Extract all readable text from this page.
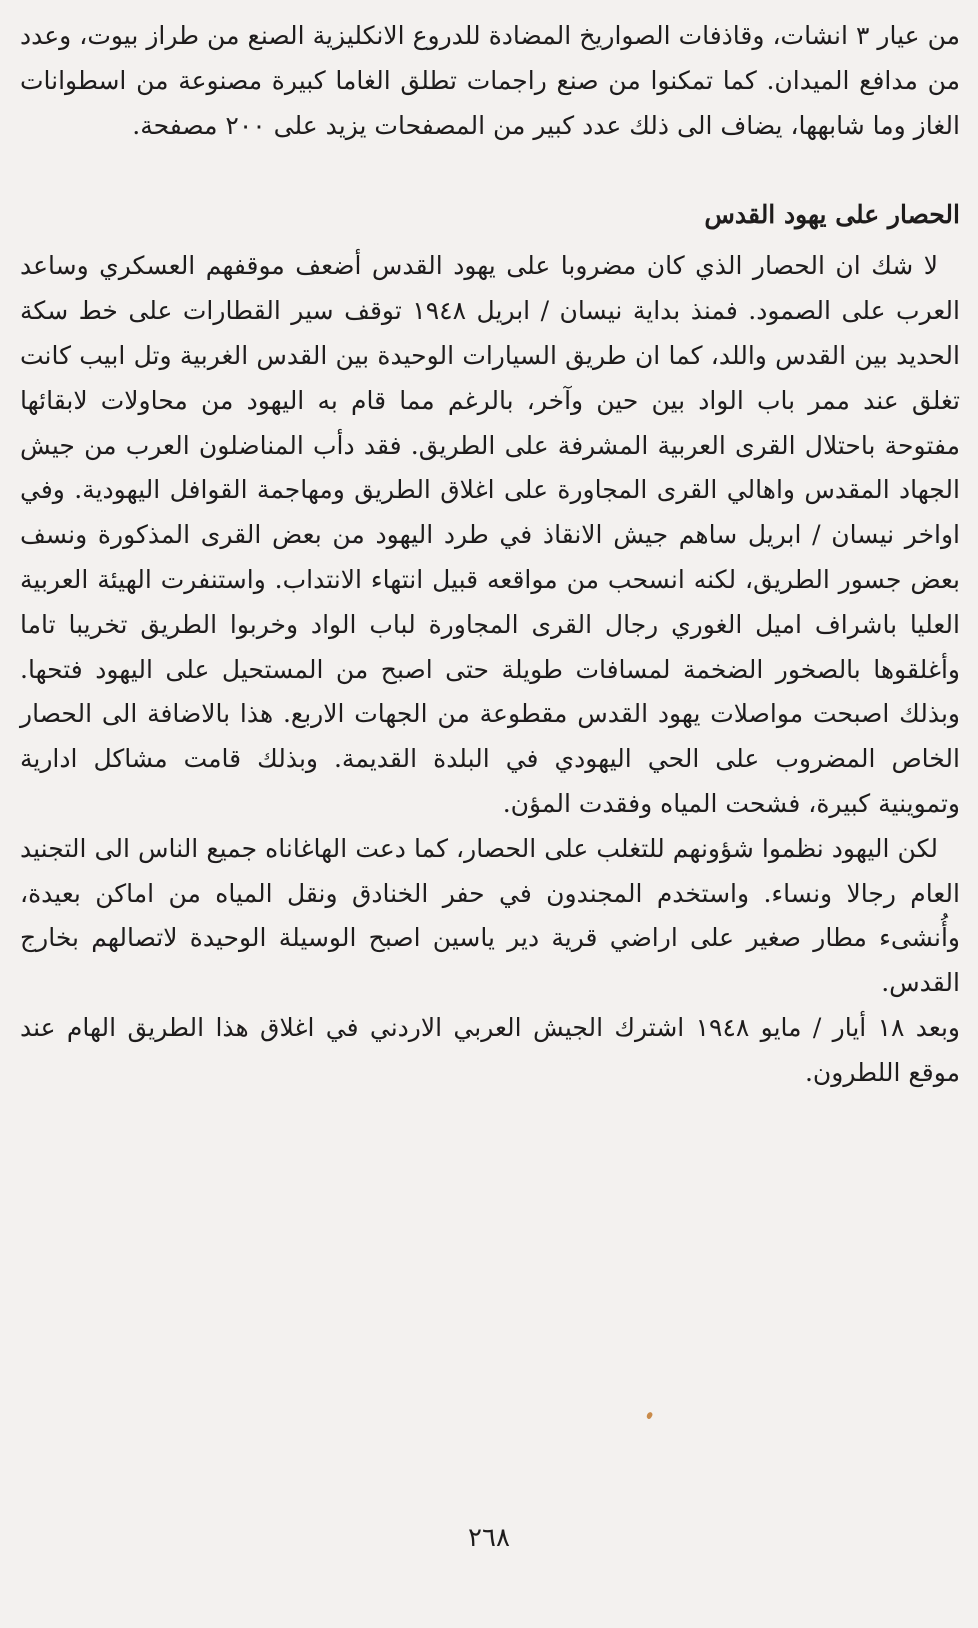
من عيار ٣ انشات، وقاذفات الصواريخ المضادة للدروع الانكليزية الصنع من طراز بيوت، وعدد من مدافع الميدان. كما تمكنوا من صنع راجمات تطلق الغاما كبيرة مصنوعة من اسطوانات الغاز وما شابهها، يضاف الى ذلك عدد كبير من المصفحات يزيد على ٢٠٠ مصفحة.

الحصار على يهود القدس

لا شك ان الحصار الذي كان مضروبا على يهود القدس أضعف موقفهم العسكري وساعد العرب على الصمود. فمنذ بداية نيسان / ابريل ١٩٤٨ توقف سير القطارات على خط سكة الحديد بين القدس واللد، كما ان طريق السيارات الوحيدة بين القدس الغربية وتل ابيب كانت تغلق عند ممر باب الواد بين حين وآخر، بالرغم مما قام به اليهود من محاولات لابقائها مفتوحة باحتلال القرى العربية المشرفة على الطريق. فقد دأب المناضلون العرب من جيش الجهاد المقدس واهالي القرى المجاورة على اغلاق الطريق ومهاجمة القوافل اليهودية. وفي اواخر نيسان / ابريل ساهم جيش الانقاذ في طرد اليهود من بعض القرى المذكورة ونسف بعض جسور الطريق، لكنه انسحب من مواقعه قبيل انتهاء الانتداب. واستنفرت الهيئة العربية العليا باشراف اميل الغوري رجال القرى المجاورة لباب الواد وخربوا الطريق تخريبا تاما وأغلقوها بالصخور الضخمة لمسافات طويلة حتى اصبح من المستحيل على اليهود فتحها. وبذلك اصبحت مواصلات يهود القدس مقطوعة من الجهات الاربع. هذا بالاضافة الى الحصار الخاص المضروب على الحي اليهودي في البلدة القديمة. وبذلك قامت مشاكل ادارية وتموينية كبيرة، فشحت المياه وفقدت المؤن.

لكن اليهود نظموا شؤونهم للتغلب على الحصار، كما دعت الهاغاناه جميع الناس الى التجنيد العام رجالا ونساء. واستخدم المجندون في حفر الخنادق ونقل المياه من اماكن بعيدة، وأُنشىء مطار صغير على اراضي قرية دير ياسين اصبح الوسيلة الوحيدة لاتصالهم بخارج القدس.

وبعد ١٨ أيار / مايو ١٩٤٨ اشترك الجيش العربي الاردني في اغلاق هذا الطريق الهام عند موقع اللطرون.

٢٦٨
